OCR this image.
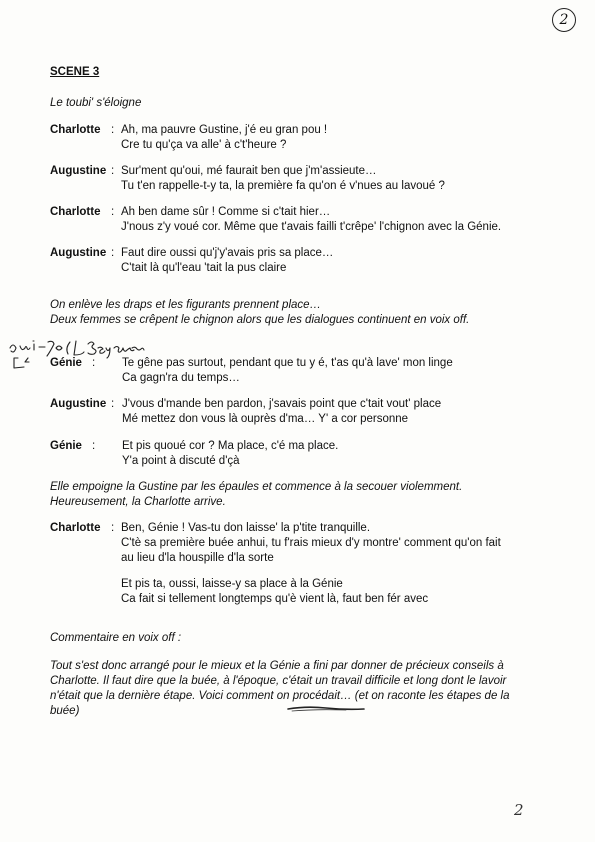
2
SCENE 3
Le toubi' s'éloigne
Charlotte : Ah, ma pauvre Gustine, j'é eu gran pou !
Cre tu qu'ça va alle' à c't'heure ?
Augustine : Sur'ment qu'oui, mé faurait ben que j'm'assieute…
Tu t'en rappelle-t-y ta, la première fa qu'on é v'nues au lavoué ?
Charlotte : Ah ben dame sûr ! Comme si c'tait hier…
J'nous z'y voué cor. Même que t'avais failli t'crêpe' l'chignon avec la Génie.
Augustine : Faut dire oussi qu'j'y'avais pris sa place…
C'tait là qu'l'eau 'tait la pus claire
On enlève les draps et les figurants prennent place…
Deux femmes se crêpent le chignon alors que les dialogues continuent en voix off.
Génie : Te gêne pas surtout, pendant que tu y é, t'as qu'à lave' mon linge
Ca gagn'ra du temps…
Augustine : J'vous d'mande ben pardon, j'savais point que c'tait vout' place
Mé mettez don vous là ouprès d'ma… Y' a cor personne
Génie : Et pis quoué cor ? Ma place, c'é ma place.
Y'a point à discuté d'çà
Elle empoigne la Gustine par les épaules et commence à la secouer violemment.
Heureusement, la Charlotte arrive.
Charlotte : Ben, Génie ! Vas-tu don laisse' la p'tite tranquille.
C'tè sa première buée anhui, tu f'rais mieux d'y montre' comment qu'on fait
au lieu d'la houspille d'la sorte
Et pis ta, oussi, laisse-y sa place à la Génie
Ca fait si tellement longtemps qu'è vient là, faut ben fér avec
Commentaire en voix off :
Tout s'est donc arrangé pour le mieux et la Génie a fini par donner de précieux conseils à
Charlotte. Il faut dire que la buée, à l'époque, c'était un travail difficile et long dont le lavoir
n'était que la dernière étape. Voici comment on procédait… (et on raconte les étapes de la
buée)
2
